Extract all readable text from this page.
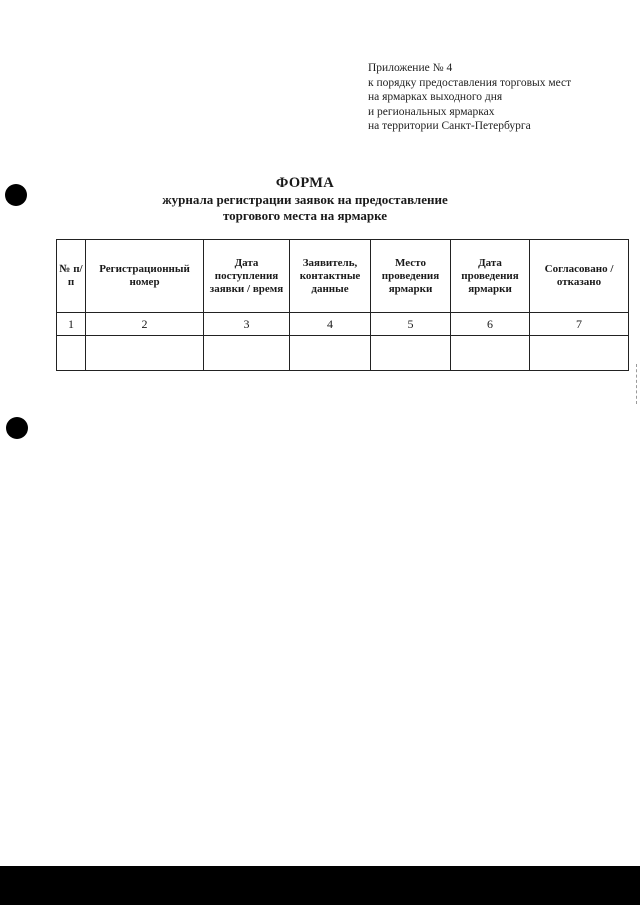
Приложение № 4
к порядку предоставления торговых мест
на ярмарках выходного дня
и региональных ярмарках
на территории Санкт-Петербурга
ФОРМА
журнала регистрации заявок на предоставление
торгового места на ярмарке
№ п/п	Регистрационный номер	Дата поступления заявки / время	Заявитель, контактные данные	Место проведения ярмарки	Дата проведения ярмарки	Согласовано / отказано
1	2	3	4	5	6	7
